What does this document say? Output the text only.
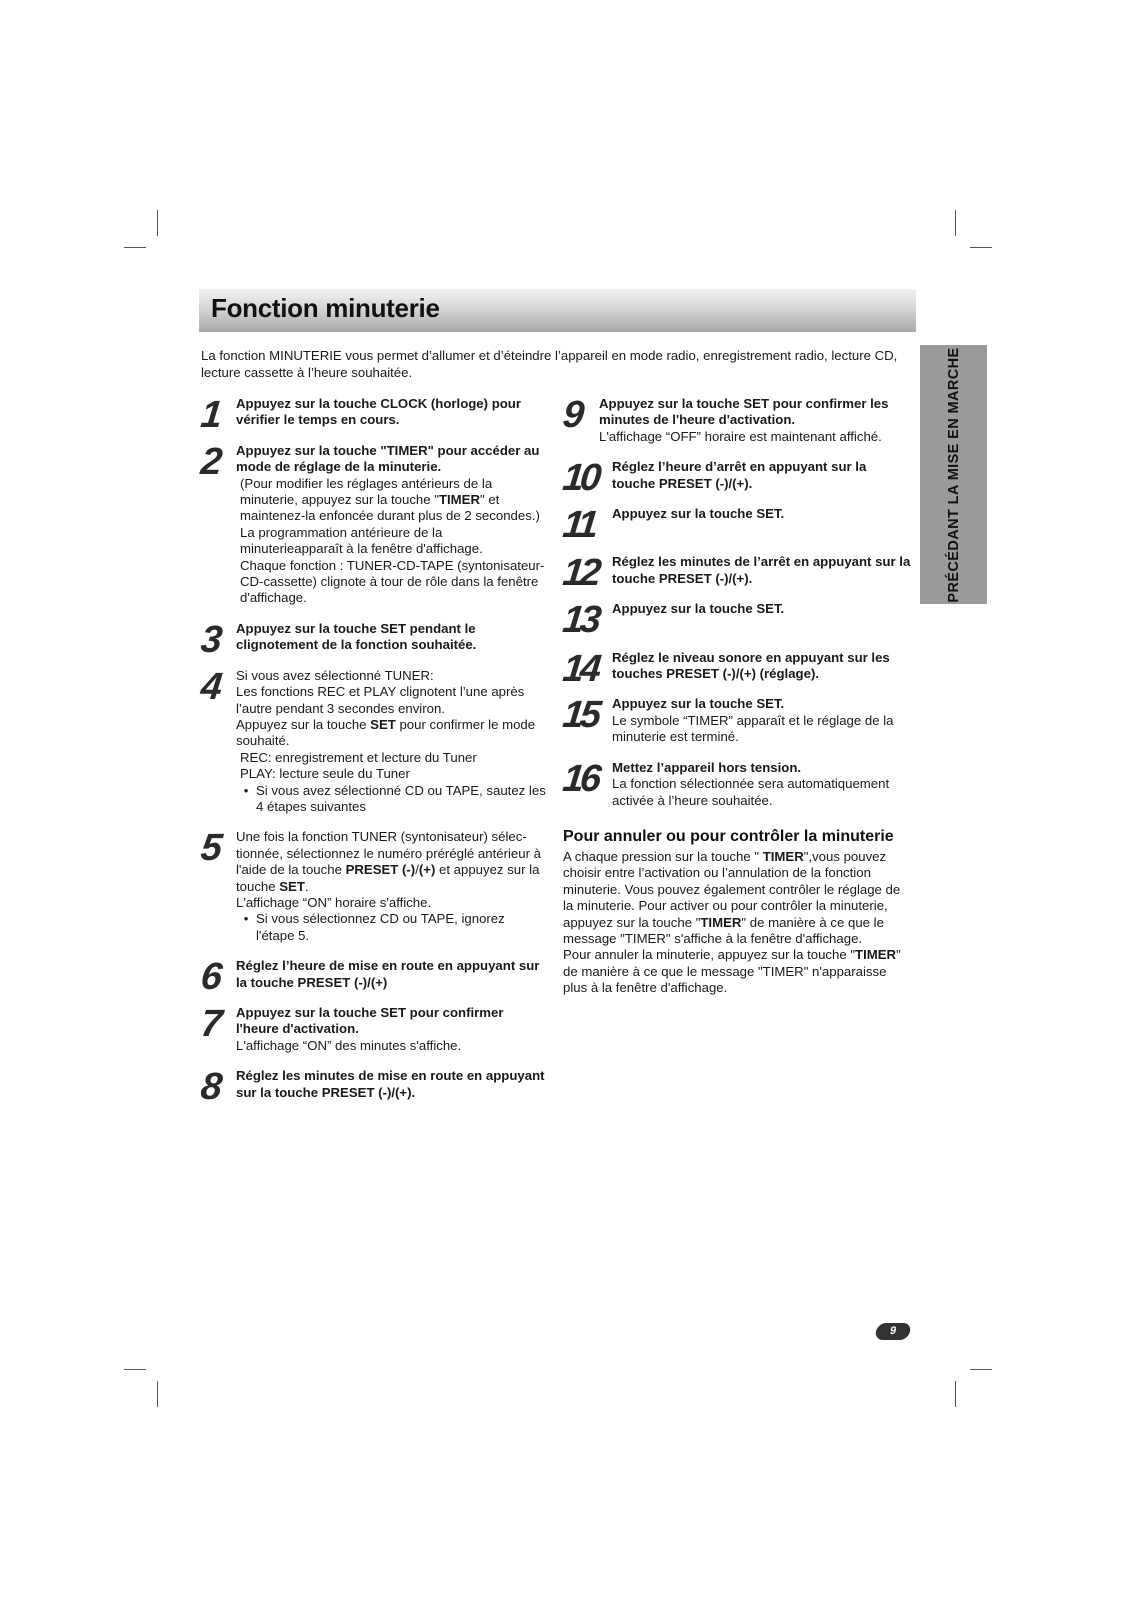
Fonction minuterie
La fonction MINUTERIE vous permet d’allumer et d’éteindre l’appareil en mode radio, enregistrement radio, lecture CD, lecture cassette à l’heure souhaitée.	PRÉCÉDANT LA MISE EN MARCHE
1 Appuyez sur la touche CLOCK (horloge) pour vérifier le temps en cours.
2 Appuyez sur la touche "TIMER" pour accéder au mode de réglage de la minuterie.
(Pour modifier les réglages antérieurs de la minuterie, appuyez sur la touche "TIMER" et maintenez-la enfoncée durant plus de 2 secondes.) La programmation antérieure de la minuterieapparaît à la fenêtre d'affichage.
Chaque fonction : TUNER-CD-TAPE (syntonisateur-CD-cassette) clignote à tour de rôle dans la fenêtre d'affichage.
3 Appuyez sur la touche SET pendant le clignotement de la fonction souhaitée.
4 Si vous avez sélectionné TUNER:
Les fonctions REC et PLAY clignotent l’une après l’autre pendant 3 secondes environ.
Appuyez sur la touche SET pour confirmer le mode souhaité.
REC: enregistrement et lecture du Tuner
PLAY: lecture seule du Tuner
• Si vous avez sélectionné CD ou TAPE, sautez les 4 étapes suivantes
5 Une fois la fonction TUNER (syntonisateur) sélec-tionnée, sélectionnez le numéro préréglé antérieur à l'aide de la touche PRESET (-)/(+) et appuyez sur la touche SET.
L'affichage “ON” horaire s'affiche.
• Si vous sélectionnez CD ou TAPE, ignorez l'étape 5.
6 Réglez l’heure de mise en route en appuyant sur la touche PRESET (-)/(+)
7 Appuyez sur la touche SET pour confirmer l'heure d'activation.
L'affichage “ON” des minutes s'affiche.
8 Réglez les minutes de mise en route en appuyant sur la touche PRESET (-)/(+).
9 Appuyez sur la touche SET pour confirmer les minutes de l'heure d'activation.
L'affichage “OFF” horaire est maintenant affiché.
10 Réglez l’heure d’arrêt en appuyant sur la touche PRESET (-)/(+).
11 Appuyez sur la touche SET.
12 Réglez les minutes de l’arrêt en appuyant sur la touche PRESET (-)/(+).
13 Appuyez sur la touche SET.
14 Réglez le niveau sonore en appuyant sur les touches PRESET (-)/(+) (réglage).
15 Appuyez sur la touche SET.
Le symbole “TIMER” apparaît et le réglage de la minuterie est terminé.
16 Mettez l’appareil hors tension.
La fonction sélectionnée sera automatiquement activée à l’heure souhaitée.
Pour annuler ou pour contrôler la minuterie
A chaque pression sur la touche " TIMER",vous pouvez choisir entre l’activation ou l’annulation de la fonction minuterie. Vous pouvez également contrôler le réglage de la minuterie. Pour activer ou pour contrôler la minuterie, appuyez sur la touche "TIMER" de manière à ce que le message "TIMER" s'affiche à la fenêtre d'affichage.
Pour annuler la minuterie, appuyez sur la touche "TIMER" de manière à ce que le message "TIMER" n'apparaisse plus à la fenêtre d'affichage.
9
